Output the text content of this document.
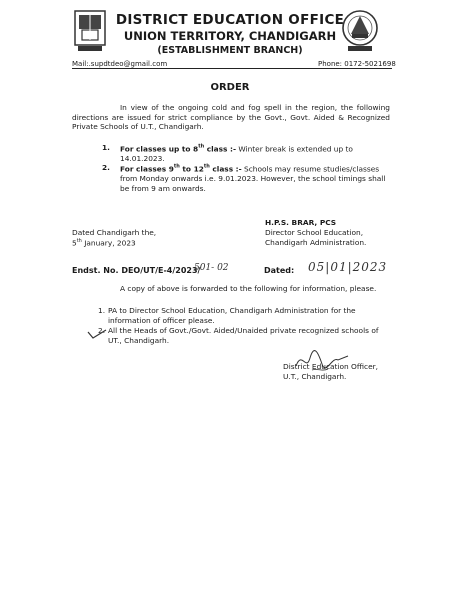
DISTRICT EDUCATION OFFICE
UNION TERRITORY, CHANDIGARH
(ESTABLISHMENT BRANCH)
Mail:.supdtdeo@gmail.com	Phone: 0172-5021698
ORDER
In view of the ongoing cold and fog spell in the region, the following directions are issued for strict compliance by the Govt., Govt. Aided & Recognized Private Schools of U.T., Chandigarh.
1. For classes up to 8th class :- Winter break is extended up to 14.01.2023.
2. For classes 9th to 12th class :- Schools may resume studies/classes from Monday onwards i.e. 9.01.2023. However, the school timings shall be from 9 am onwards.
H.P.S. BRAR, PCS
Director School Education,
Chandigarh Administration.
Dated Chandigarh the,
5th January, 2023
Endst. No. DEO/UT/E-4/2023/
501- 02	Dated: 05|01|2023
A copy of above is forwarded to the following for information, please.
1. PA to Director School Education, Chandigarh Administration for the information of officer please.
2. All the Heads of Govt./Govt. Aided/Unaided private recognized schools of UT., Chandigarh.
District Education Officer,
U.T., Chandigarh.
